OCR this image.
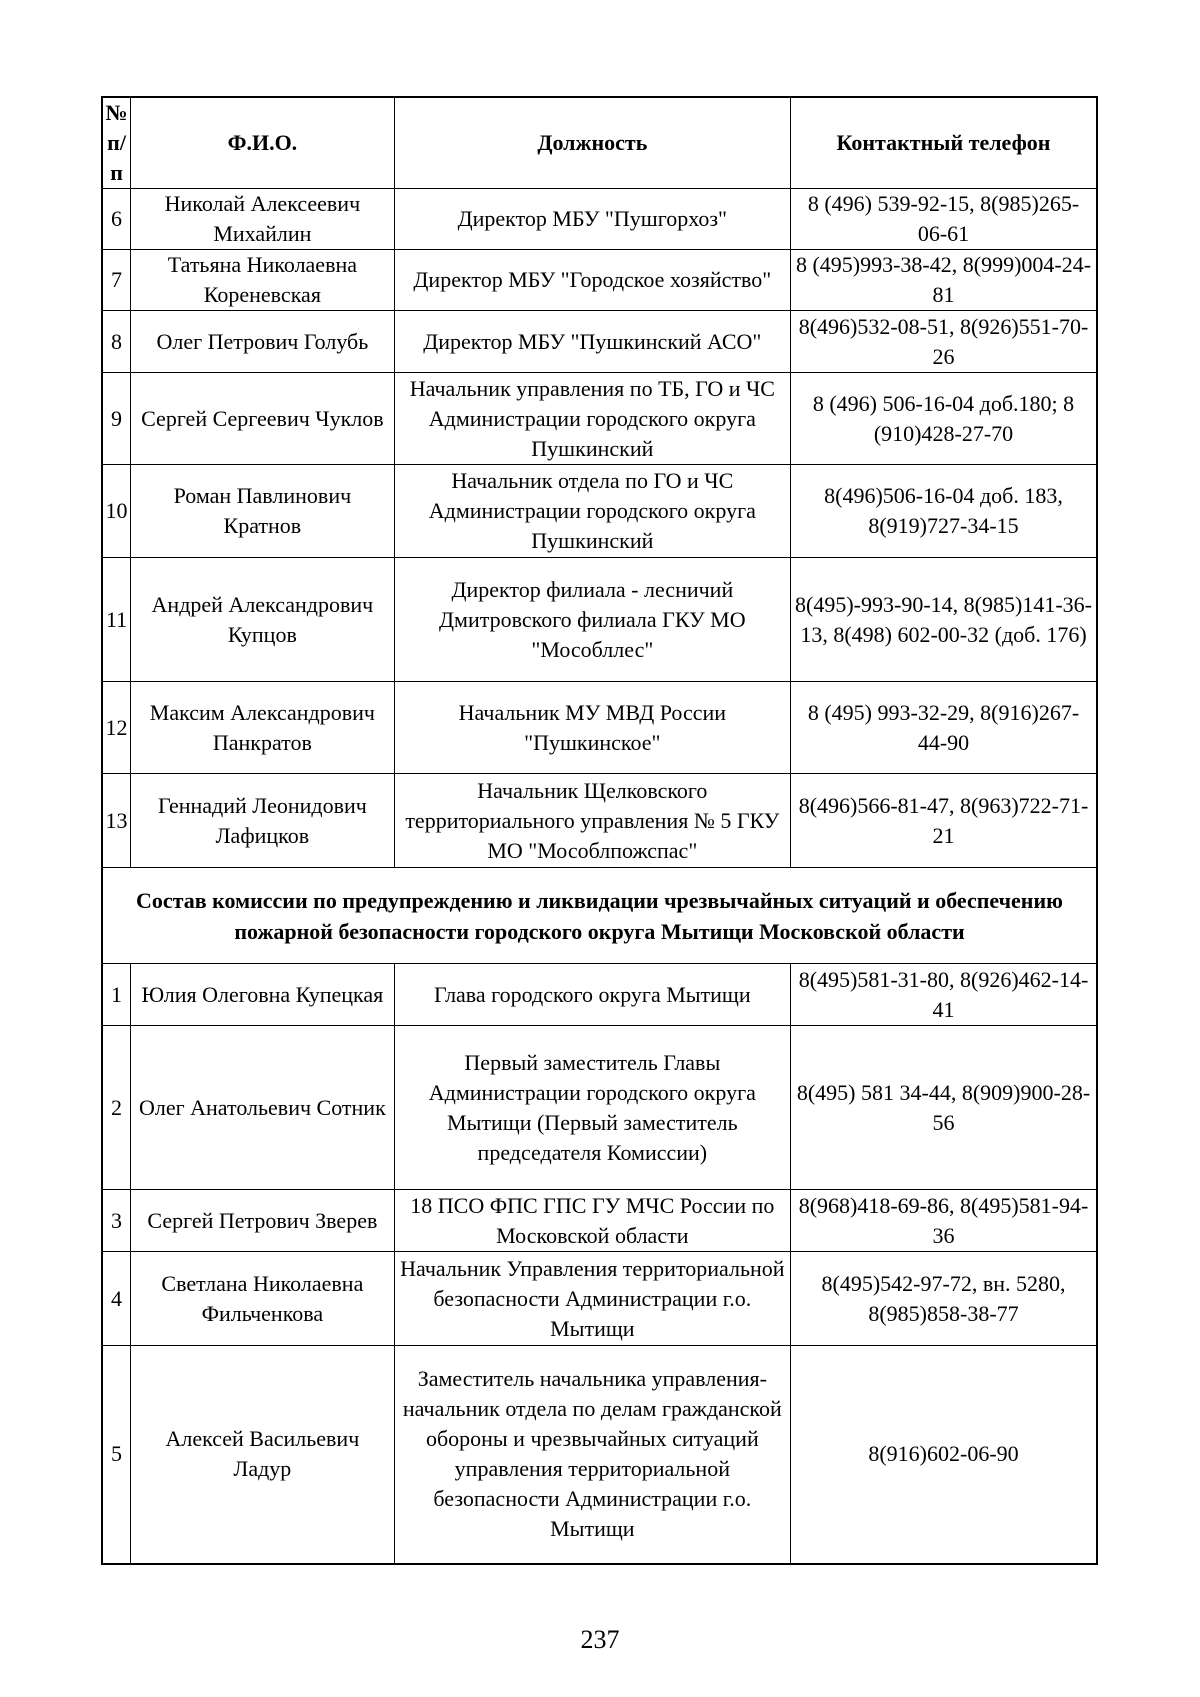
№ п/ п	Ф.И.О.	Должность	Контактный телефон
6	Николай Алексеевич Михайлин	Директор МБУ "Пушгорхоз"	8 (496) 539-92-15, 8(985)265-06-61
7	Татьяна Николаевна Кореневская	Директор МБУ "Городское хозяйство"	8 (495)993-38-42, 8(999)004-24-81
8	Олег Петрович Голубь	Директор МБУ "Пушкинский АСО"	8(496)532-08-51, 8(926)551-70-26
9	Сергей Сергеевич Чуклов	Начальник управления по ТБ, ГО и ЧС Администрации городского округа Пушкинский	8 (496) 506-16-04 доб.180; 8 (910)428-27-70
10	Роман Павлинович Кратнов	Начальник отдела по ГО и ЧС Администрации городского округа Пушкинский	8(496)506-16-04 доб. 183, 8(919)727-34-15
11	Андрей Александрович Купцов	Директор филиала - лесничий Дмитровского филиала ГКУ МО "Мособллес"	8(495)-993-90-14, 8(985)141-36-13, 8(498) 602-00-32 (доб. 176)
12	Максим Александрович Панкратов	Начальник МУ МВД России "Пушкинское"	8 (495) 993-32-29, 8(916)267-44-90
13	Геннадий Леонидович Лафицков	Начальник Щелковского территориального управления № 5 ГКУ МО "Мособлпожспас"	8(496)566-81-47, 8(963)722-71-21
Состав комиссии по предупреждению и ликвидации чрезвычайных ситуаций и обеспечению пожарной безопасности городского округа Мытищи Московской области			
1	Юлия Олеговна Купецкая	Глава городского округа Мытищи	8(495)581-31-80, 8(926)462-14-41
2	Олег Анатольевич Сотник	Первый заместитель Главы Администрации городского округа Мытищи (Первый заместитель председателя Комиссии)	8(495) 581 34-44, 8(909)900-28-56
3	Сергей Петрович Зверев	18 ПСО ФПС ГПС ГУ МЧС России по Московской области	8(968)418-69-86, 8(495)581-94-36
4	Светлана Николаевна Фильченкова	Начальник Управления территориальной безопасности Администрации г.о. Мытищи	8(495)542-97-72, вн. 5280, 8(985)858-38-77
5	Алексей Васильевич Ладур	Заместитель начальника управления-начальник отдела по делам гражданской обороны и чрезвычайных ситуаций управления территориальной безопасности Администрации г.о. Мытищи	8(916)602-06-90
237
